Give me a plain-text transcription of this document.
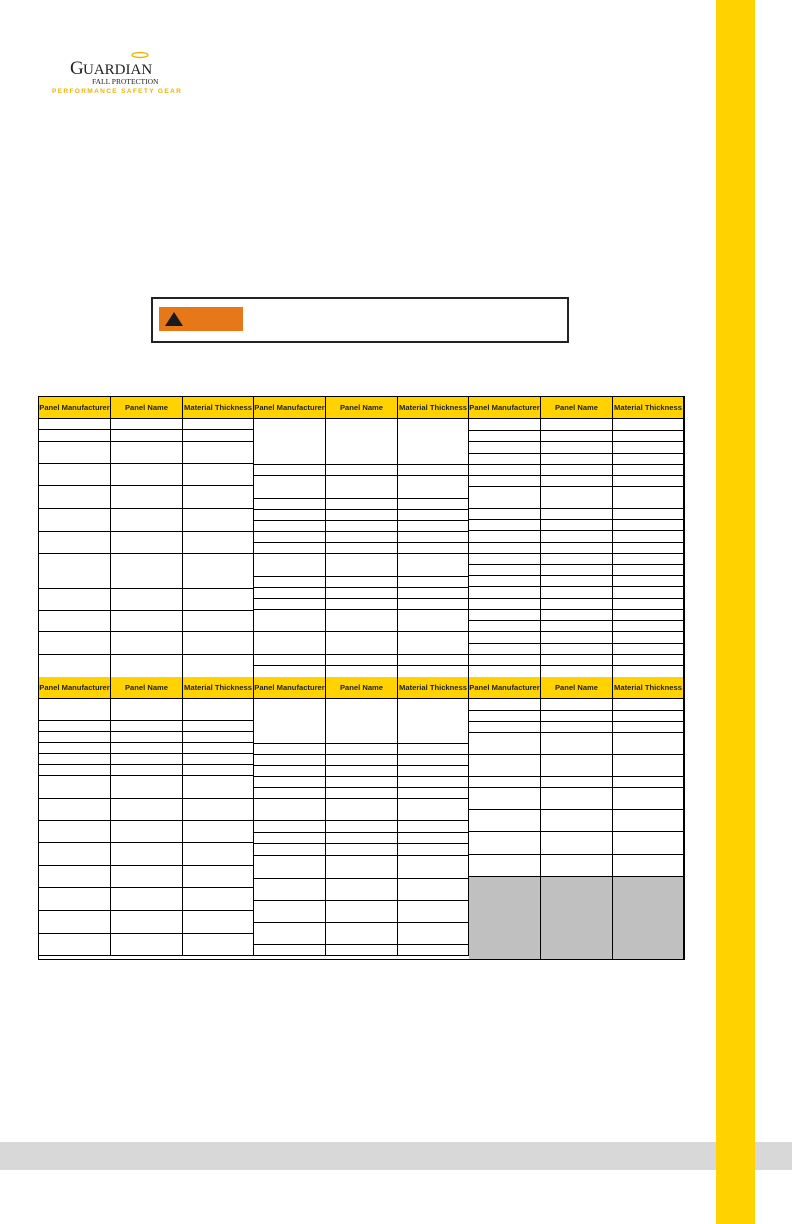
G UARDIAN
FALL PROTECTION
PERFORMANCE SAFETY GEAR
Panel Manufacturer	Panel Name	Material Thickness Panel Manufacturer	Panel Name	Material Thickness Panel Manufacturer	Panel Name	Material Thickness
Panel Manufacturer	Panel Name	Material Thickness Panel Manufacturer	Panel Name	Material Thickness Panel Manufacturer	Panel Name	Material Thickness
